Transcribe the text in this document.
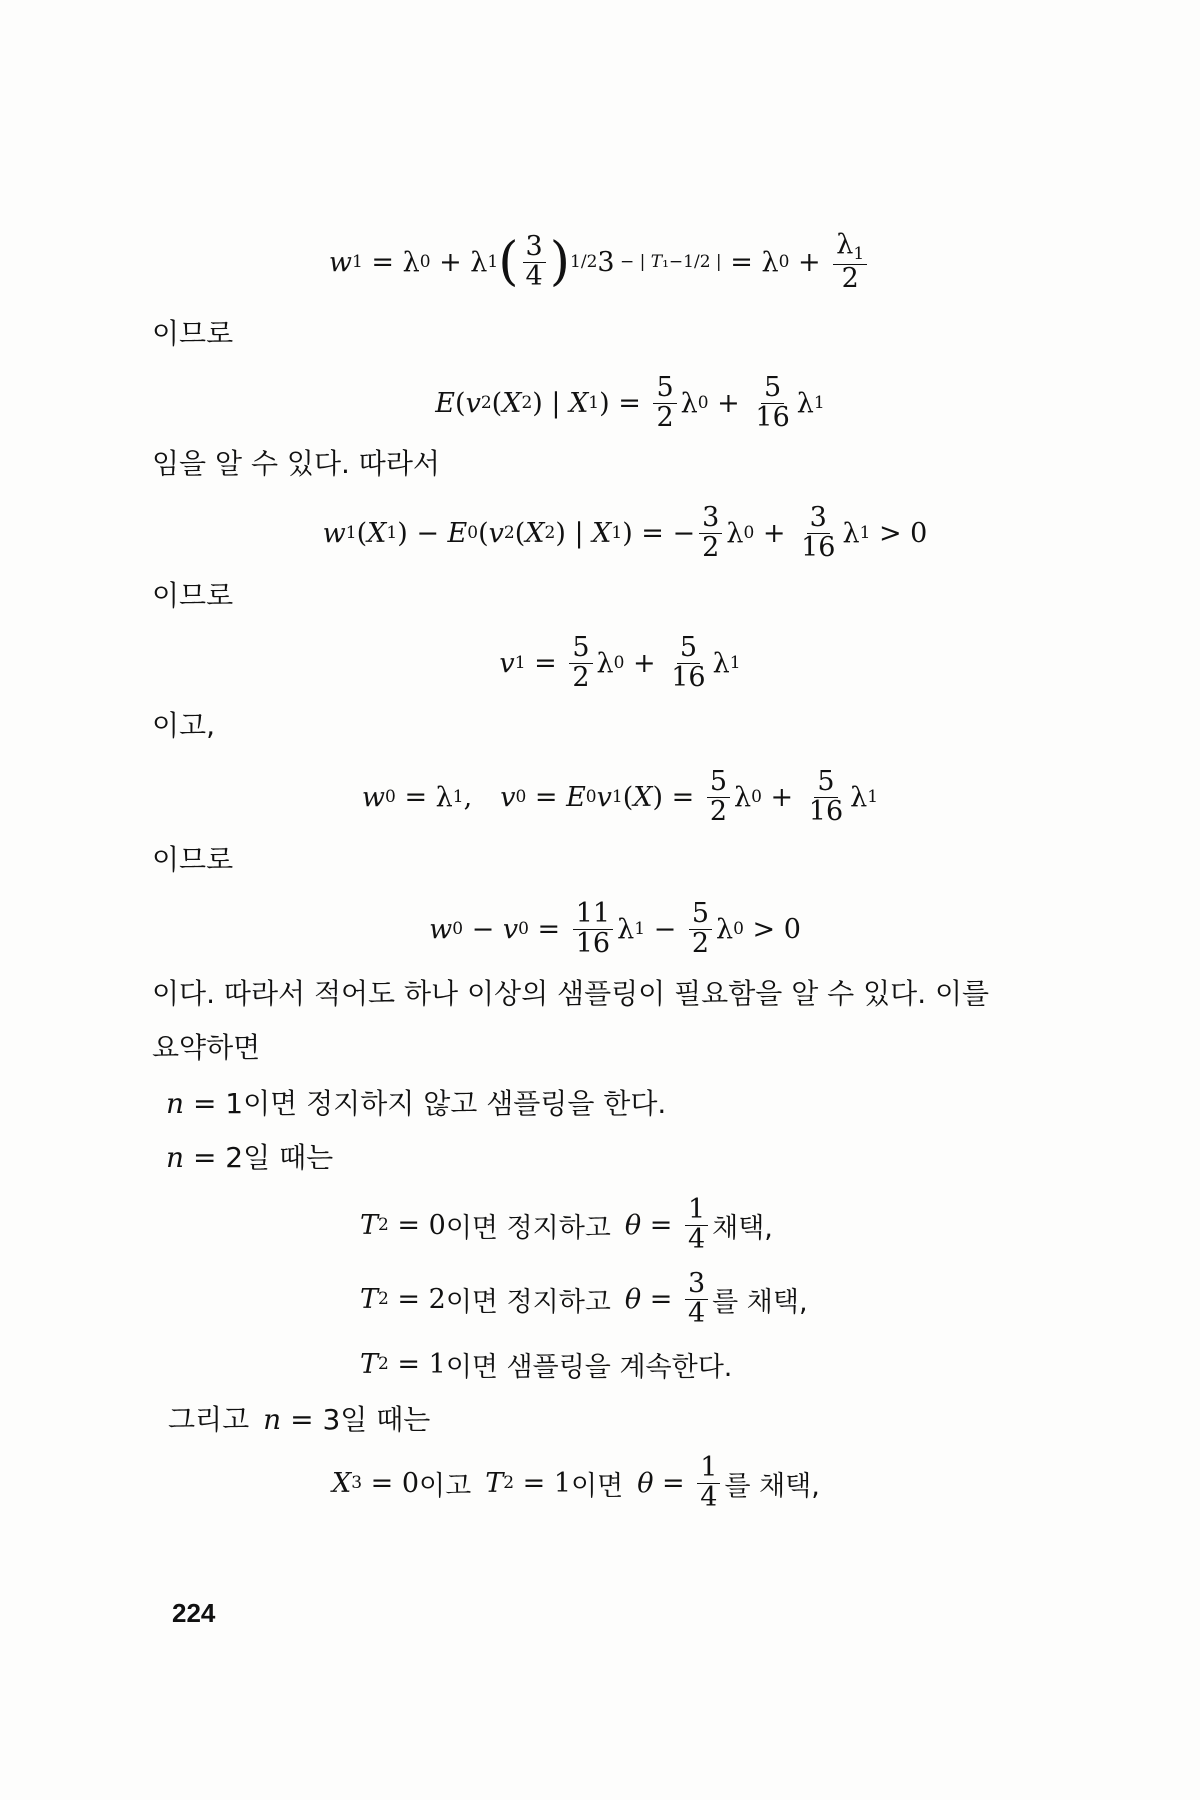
w 1 = λ 0 + λ 1 ( $\frac{3}{4}$ ) 1/2 3 − | T₁−1/2 | = λ $0 + \frac{\lambda_1}{2}$
이므로
E ( v 2 ( X 2 ) | X 1 ) = $\frac{5}{2}$ λ $0 + \frac{5}{16}$ λ 1
임을 알 수 있다. 따라서
w 1 ( X 1 ) − E 0 ( v 2 ( X 2 ) | X 1 ) = − $\frac{3}{2}$ λ $0 + \frac{3}{16}$ λ 1 > 0
이므로
v $1 = \frac{5}{2}$ λ $0 + \frac{5}{16}$ λ 1
이고,
w 0 = λ 1 , v 0 = E 0 v 1 ( X ) = $\frac{5}{2}$ λ $0 + \frac{5}{16}$ λ 1
이므로
w 0 − v $0 = \frac{11}{16}$ λ $1 - \frac{5}{2}$ λ 0 > 0
이다. 따라서 적어도 하나 이상의 샘플링이 필요함을 알 수 있다. 이를
요약하면
n = 1이면 정지하지 않고 샘플링을 한다.
n = 2일 때는
T 2 = 0 이면 정지하고 $\theta = \frac{1}{4}$ 채택,
T 2 = 2 이면 정지하고 $\theta = \frac{3}{4}$ 를 채택,
T 2 = 1 이면 샘플링을 계속한다.
그리고 n = 3일 때는
X 3 = 0 이고 T 2 = 1 이면 $\theta = \frac{1}{4}$ 를 채택,
224
